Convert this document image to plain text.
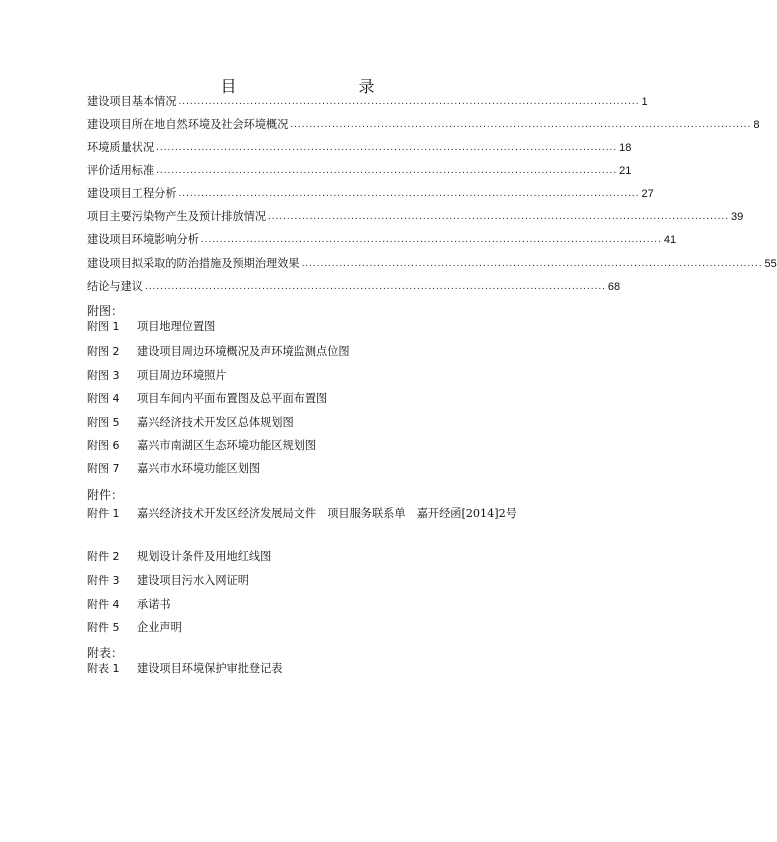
目　　录
建设项目基本情况 .......................................................................................................................... 1
建设项目所在地自然环境及社会环境概况 .......................................................................................................................... 8
环境质量状况 .......................................................................................................................... 18
评价适用标准 .......................................................................................................................... 21
建设项目工程分析 .......................................................................................................................... 27
项目主要污染物产生及预计排放情况 .......................................................................................................................... 39
建设项目环境影响分析 .......................................................................................................................... 41
建设项目拟采取的防治措施及预期治理效果 .......................................................................................................................... 55
结论与建议 .......................................................................................................................... 68
附图：
附图 1	项目地理位置图
附图 2	建设项目周边环境概况及声环境监测点位图
附图 3	项目周边环境照片
附图 4	项目车间内平面布置图及总平面布置图
附图 5	嘉兴经济技术开发区总体规划图
附图 6	嘉兴市南湖区生态环境功能区规划图
附图 7	嘉兴市水环境功能区划图
附件：
附件 1	嘉兴经济技术开发区经济发展局文件　项目服务联系单　嘉开经函[2014]2号
附件 2	规划设计条件及用地红线图
附件 3	建设项目污水入网证明
附件 4	承诺书
附件 5	企业声明
附表：
附表 1	建设项目环境保护审批登记表
